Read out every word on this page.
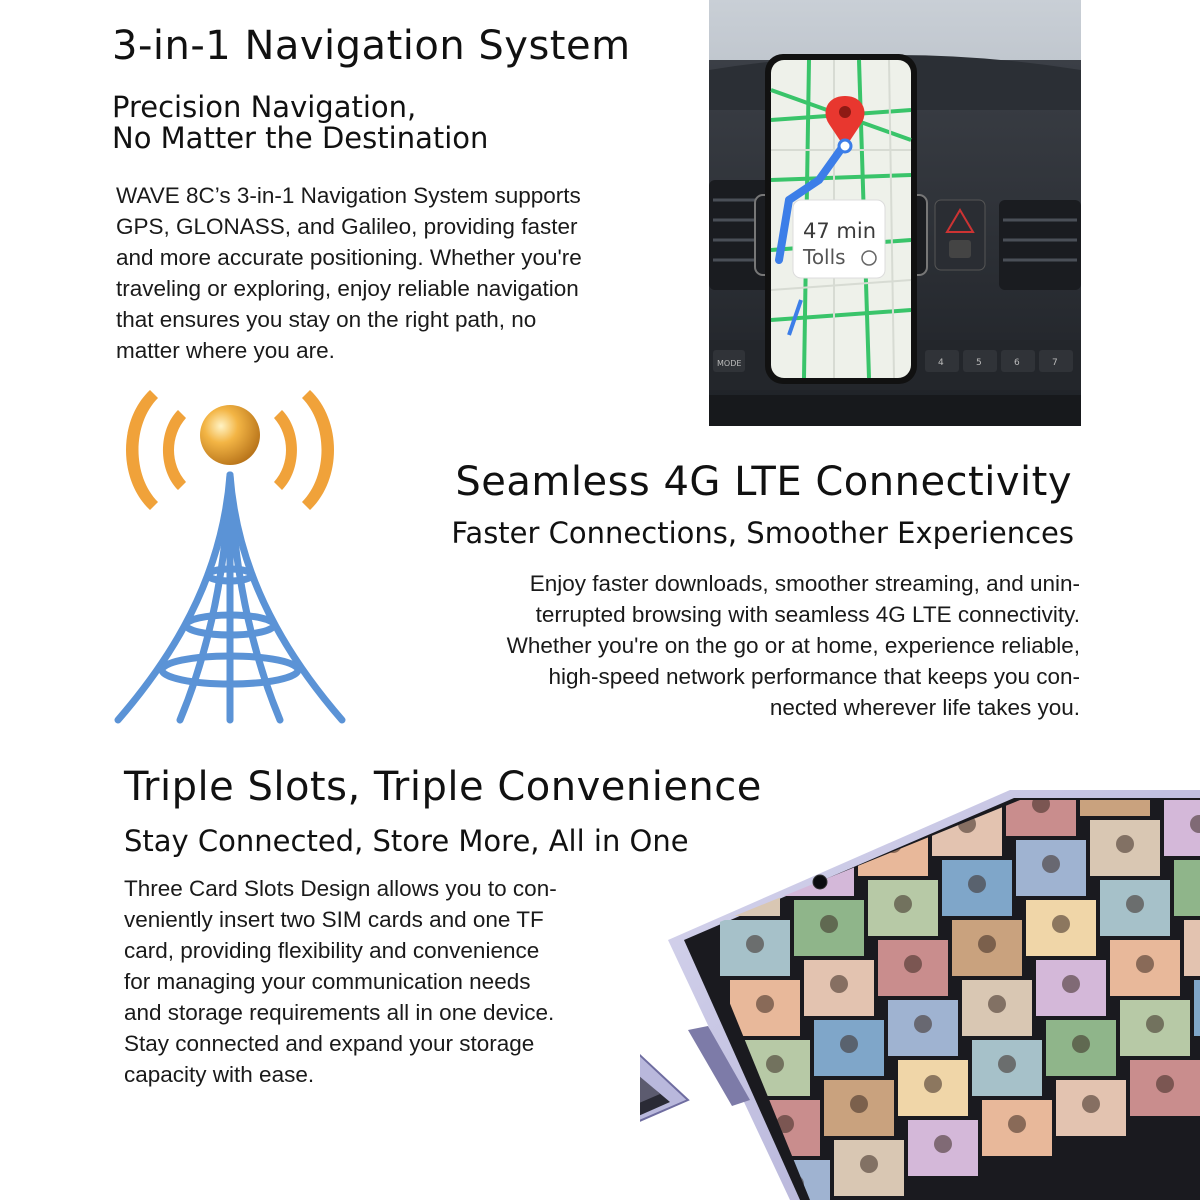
3-in-1 Navigation System
Precision Navigation,
No Matter the Destination
WAVE 8C’s 3-in-1 Navigation System supports
GPS, GLONASS, and Galileo, providing faster
and more accurate positioning. Whether you're
traveling or exploring, enjoy reliable navigation
that ensures you stay on the right path, no
matter where you are.
MODE	4	5	6	7
47 min
Tolls
Seamless 4G LTE Connectivity
Faster Connections, Smoother Experiences
Enjoy faster downloads, smoother streaming, and unin-
terrupted browsing with seamless 4G LTE connectivity.
Whether you're on the go or at home, experience reliable,
high-speed network performance that keeps you con-
nected wherever life takes you.
Triple Slots, Triple Convenience
Stay Connected, Store More, All in One
Three Card Slots Design allows you to con-
veniently insert two SIM cards and one TF
card, providing flexibility and convenience
for managing your communication needs
and storage requirements all in one device.
Stay connected and expand your storage
capacity with ease.
